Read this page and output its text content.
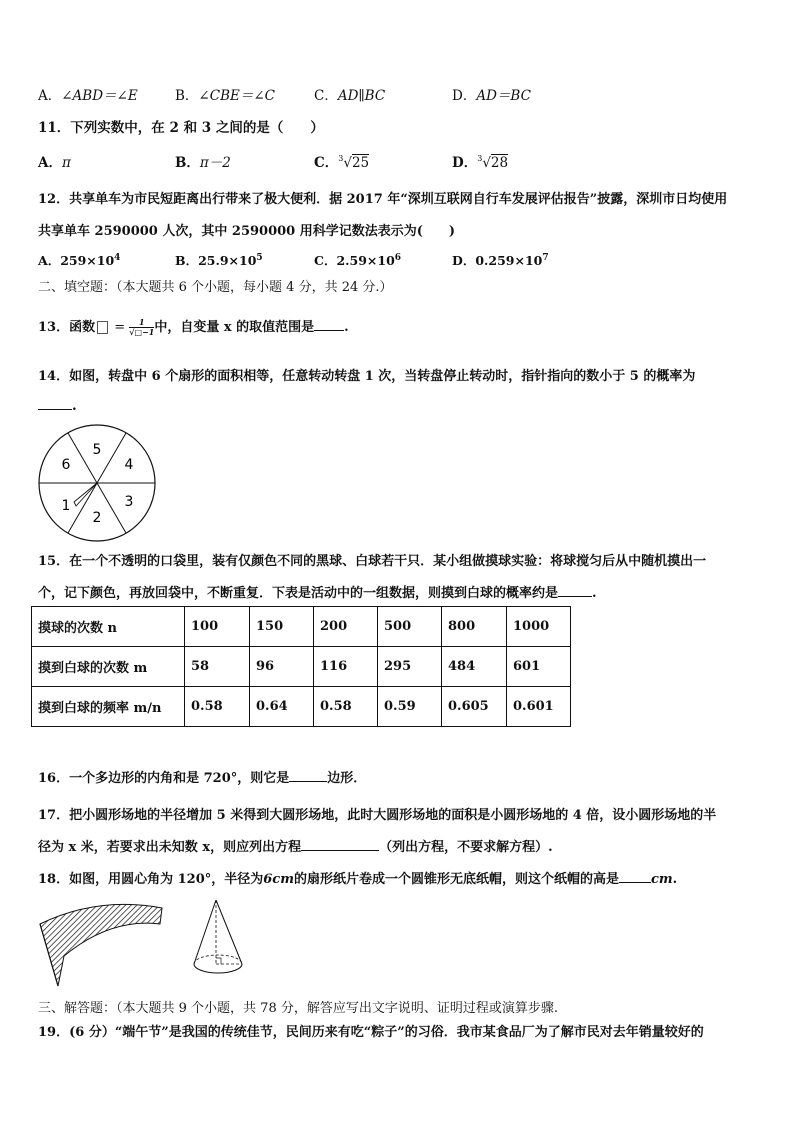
A．∠ABD＝∠E	B．∠CBE＝∠C	C．AD∥BC	D．AD＝BC
11．下列实数中，在 2 和 3 之间的是（　　）
A．π	B．π－2	C．$^3$√25	D．$^3$√28
12．共享单车为市民短距离出行带来了极大便利．据 2017 年“深圳互联网自行车发展评估报告”披露，深圳市日均使用
共享单车 2590000 人次，其中 2590000 用科学记数法表示为(　　)
A．$259\times 10^4$	B．$25.9\times 10^5$	C．$2.59\times 10^6$	D．$0.259\times 10^7$
二、填空题：（本大题共 6 个小题，每小题 4 分，共 24 分.）
13．函数 = $\frac{1}{√□-1}$ 中，自变量 x 的取值范围是 .
14．如图，转盘中 6 个扇形的面积相等，任意转动转盘 1 次，当转盘停止转动时，指针指向的数小于 5 的概率为
.
5
4
3
2
1
6
15．在一个不透明的口袋里，装有仅颜色不同的黑球、白球若干只．某小组做摸球实验：将球搅匀后从中随机摸出一
个，记下颜色，再放回袋中，不断重复．下表是活动中的一组数据，则摸到白球的概率约是	.
摸球的次数 n	100	150	200	500	800	1000
摸到白球的次数 m	58	96	116	295	484	601
摸到白球的频率 m/n	0.58	0.64	0.58	0.59	0.605	0.601
16．一个多边形的内角和是 720°，则它是	边形．
17．把小圆形场地的半径增加 5 米得到大圆形场地，此时大圆形场地的面积是小圆形场地的 4 倍，设小圆形场地的半
径为 x 米，若要求出未知数 x，则应列出方程	（列出方程，不要求解方程）.
18．如图，用圆心角为 120°，半径为6cm的扇形纸片卷成一个圆锥形无底纸帽，则这个纸帽的高是 cm.
三、解答题：（本大题共 9 个小题，共 78 分，解答应写出文字说明、证明过程或演算步骤.
19．(6 分）“端午节”是我国的传统佳节，民间历来有吃“粽子”的习俗．我市某食品厂为了解市民对去年销量较好的
